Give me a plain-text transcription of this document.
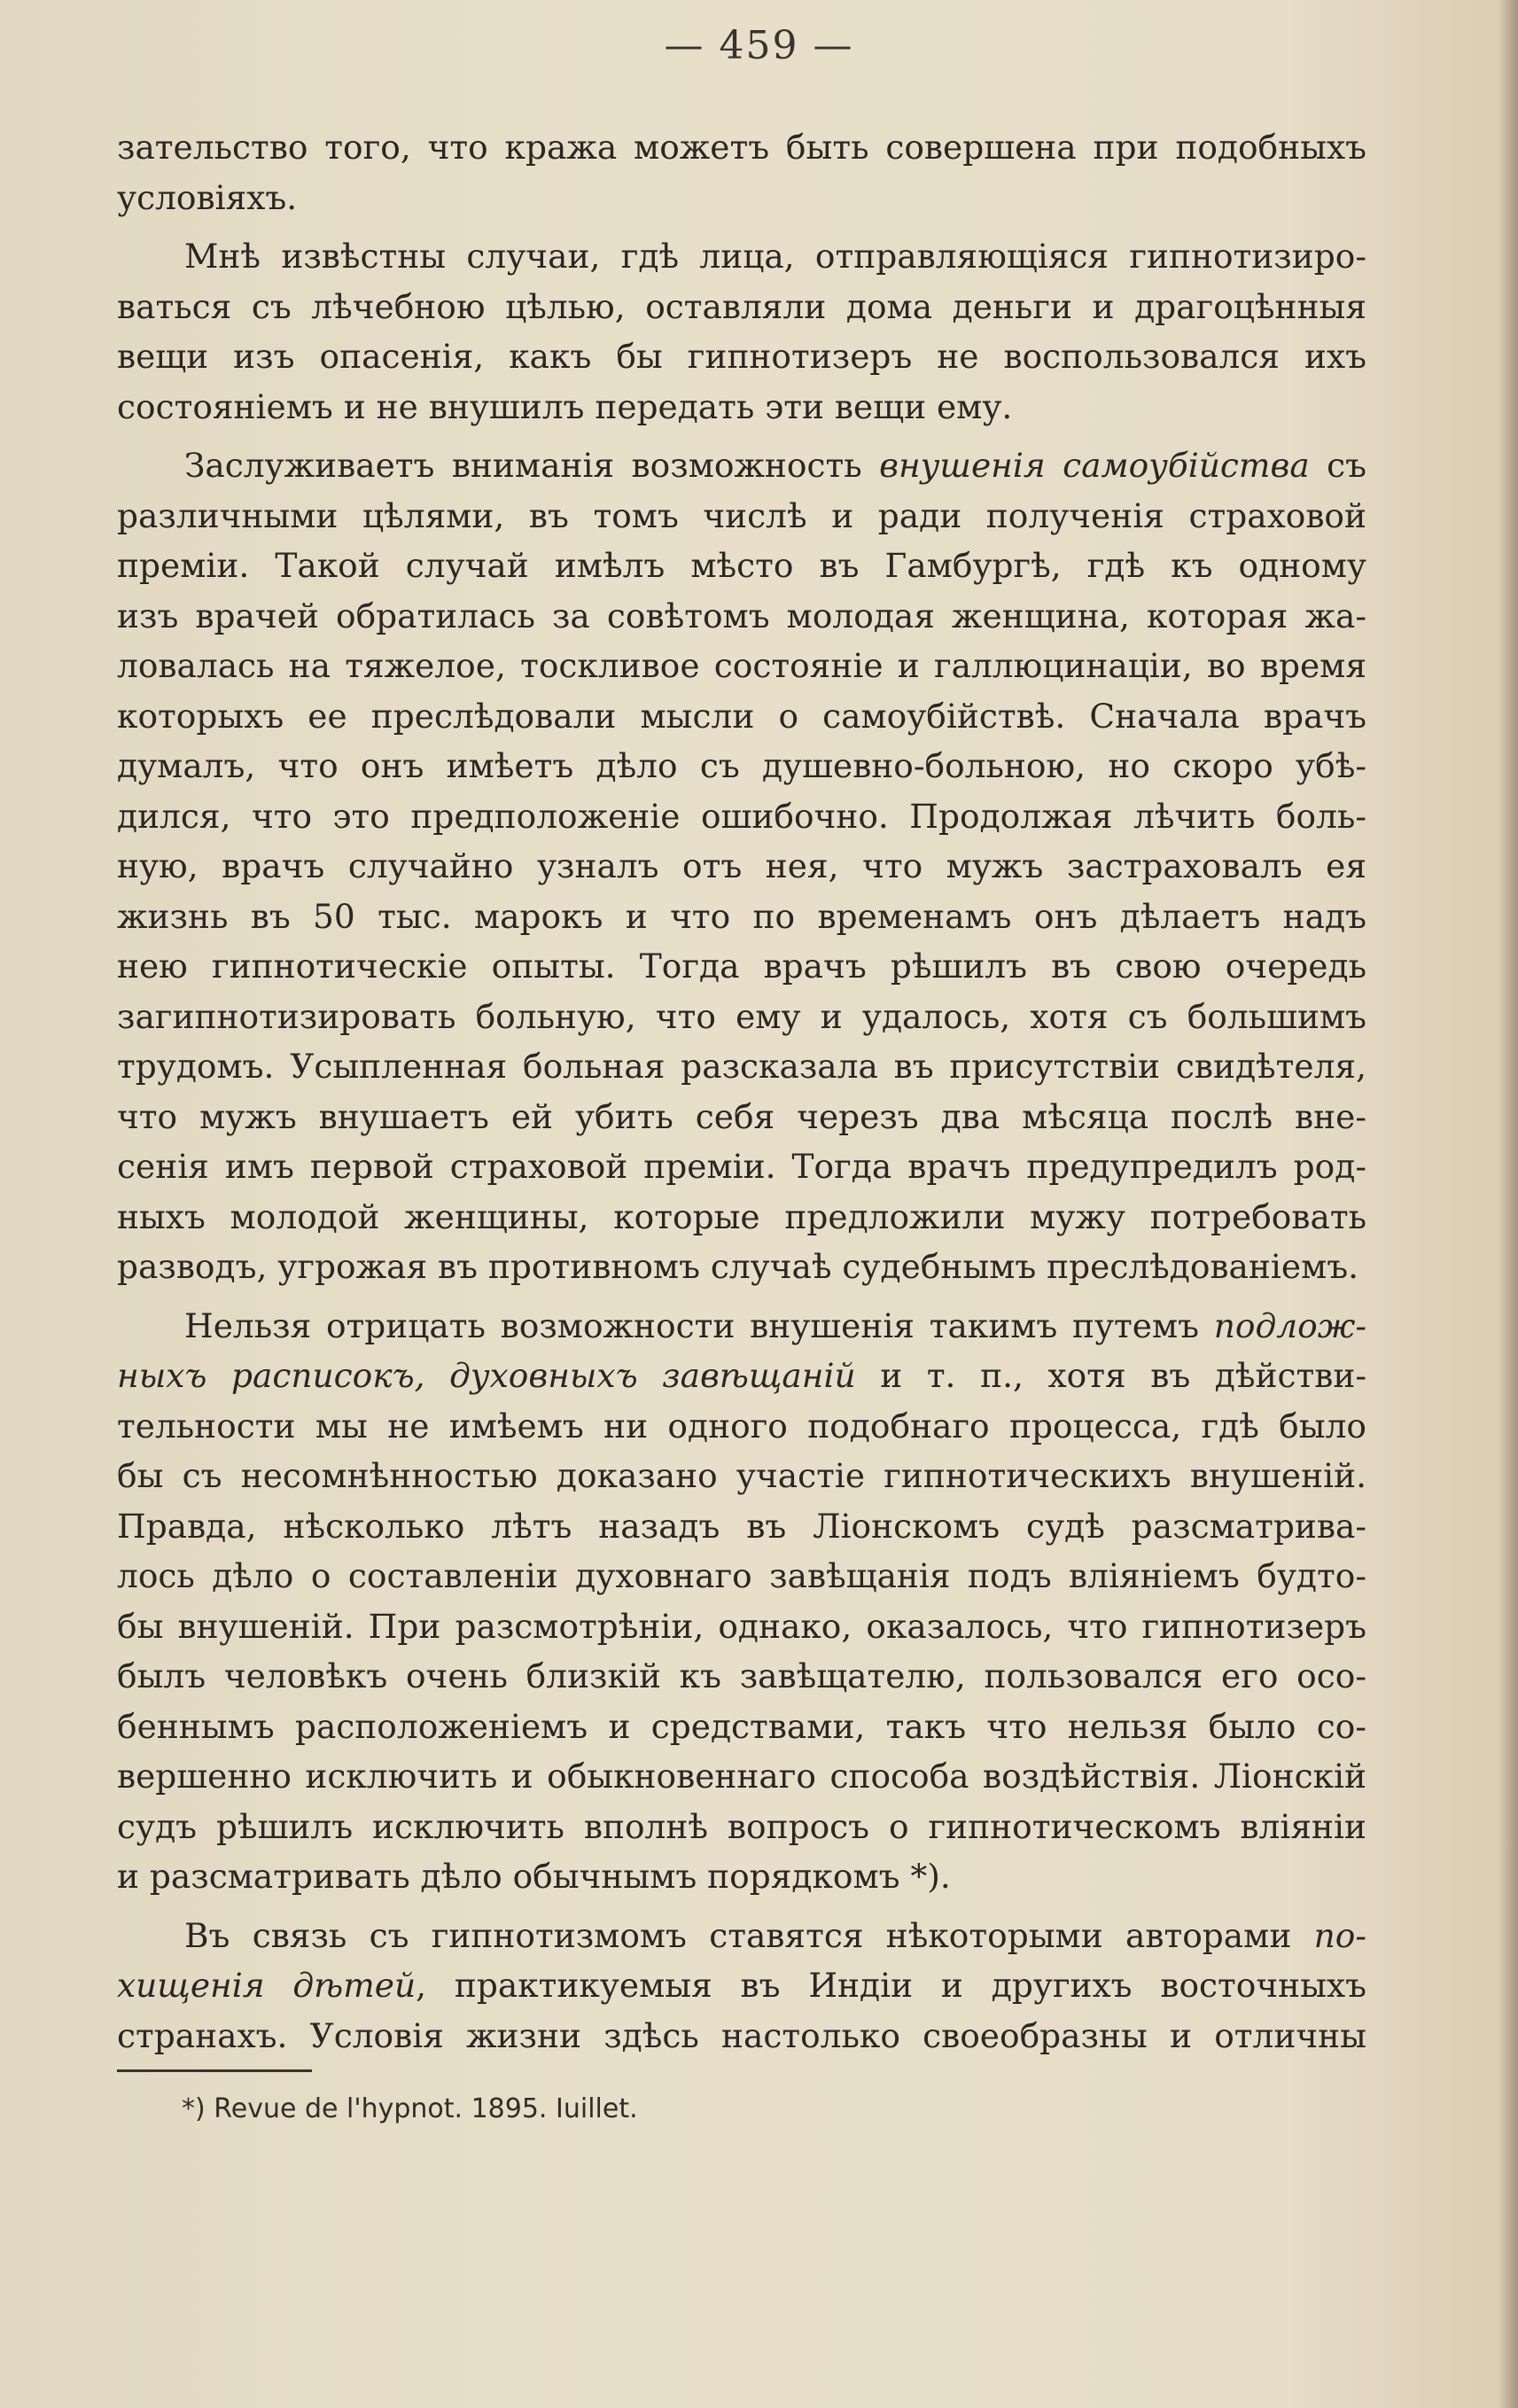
— 459 —
зательство того, что кража можетъ быть совершена при подобныхъ
условіяхъ.
Мнѣ извѣстны случаи, гдѣ лица, отправляющіяся гипнотизиро-
ваться съ лѣчебною цѣлью, оставляли дома деньги и драгоцѣнныя
вещи изъ опасенія, какъ бы гипнотизеръ не воспользовался ихъ
состояніемъ и не внушилъ передать эти вещи ему.
Заслуживаетъ вниманія возможность внушенія самоубійства съ
различными цѣлями, въ томъ числѣ и ради полученія страховой
преміи. Такой случай имѣлъ мѣсто въ Гамбургѣ, гдѣ къ одному
изъ врачей обратилась за совѣтомъ молодая женщина, которая жа-
ловалась на тяжелое, тоскливое состояніе и галлюцинаціи, во время
которыхъ ее преслѣдовали мысли о самоубійствѣ. Сначала врачъ
думалъ, что онъ имѣетъ дѣло съ душевно-больною, но скоро убѣ-
дился, что это предположеніе ошибочно. Продолжая лѣчить боль-
ную, врачъ случайно узналъ отъ нея, что мужъ застраховалъ ея
жизнь въ 50 тыс. марокъ и что по временамъ онъ дѣлаетъ надъ
нею гипнотическіе опыты. Тогда врачъ рѣшилъ въ свою очередь
загипнотизировать больную, что ему и удалось, хотя съ большимъ
трудомъ. Усыпленная больная разсказала въ присутствіи свидѣтеля,
что мужъ внушаетъ ей убить себя черезъ два мѣсяца послѣ вне-
сенія имъ первой страховой преміи. Тогда врачъ предупредилъ род-
ныхъ молодой женщины, которые предложили мужу потребовать
разводъ, угрожая въ противномъ случаѣ судебнымъ преслѣдованіемъ.
Нельзя отрицать возможности внушенія такимъ путемъ подлож-
ныхъ расписокъ, духовныхъ завѣщаній и т. п., хотя въ дѣйстви-
тельности мы не имѣемъ ни одного подобнаго процесса, гдѣ было
бы съ несомнѣнностью доказано участіе гипнотическихъ внушеній.
Правда, нѣсколько лѣтъ назадъ въ Ліонскомъ судѣ разсматрива-
лось дѣло о составленіи духовнаго завѣщанія подъ вліяніемъ будто-
бы внушеній. При разсмотрѣніи, однако, оказалось, что гипнотизеръ
былъ человѣкъ очень близкій къ завѣщателю, пользовался его осо-
беннымъ расположеніемъ и средствами, такъ что нельзя было со-
вершенно исключить и обыкновеннаго способа воздѣйствія. Ліонскій
судъ рѣшилъ исключить вполнѣ вопросъ о гипнотическомъ вліяніи
и разсматривать дѣло обычнымъ порядкомъ *).
Въ связь съ гипнотизмомъ ставятся нѣкоторыми авторами по-
хищенія дѣтей, практикуемыя въ Индіи и другихъ восточныхъ
странахъ. Условія жизни здѣсь настолько своеобразны и отличны
*) Revue de l'hypnot. 1895. Iuillet.
